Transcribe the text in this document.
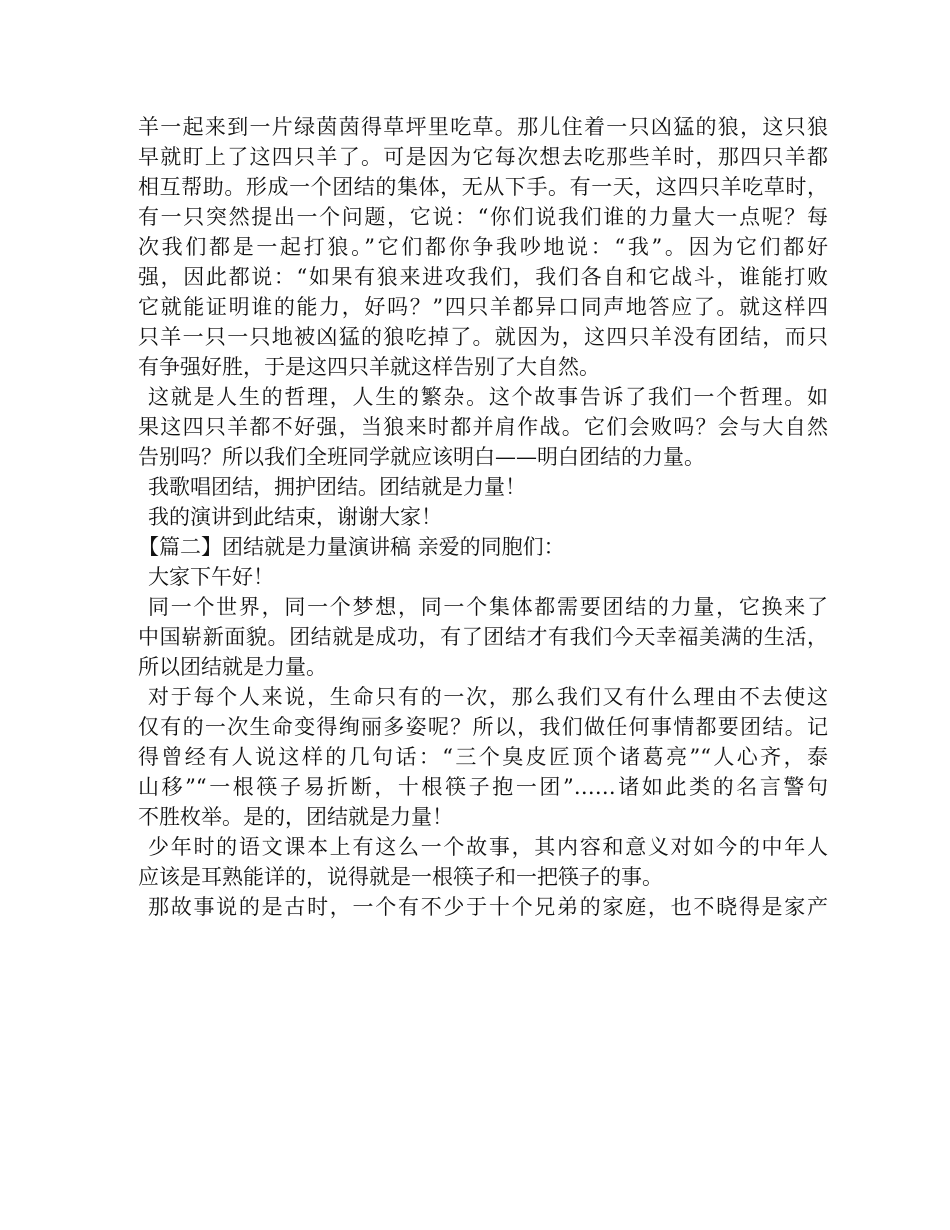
羊一起来到一片绿茵茵得草坪里吃草。那儿住着一只凶猛的狼，这只狼
早就盯上了这四只羊了。可是因为它每次想去吃那些羊时，那四只羊都
相互帮助。形成一个团结的集体，无从下手。有一天，这四只羊吃草时，
有一只突然提出一个问题，它说：“你们说我们谁的力量大一点呢？每
次我们都是一起打狼。”它们都你争我吵地说：“我”。因为它们都好
强，因此都说：“如果有狼来进攻我们，我们各自和它战斗，谁能打败
它就能证明谁的能力，好吗？”四只羊都异口同声地答应了。就这样四
只羊一只一只地被凶猛的狼吃掉了。就因为，这四只羊没有团结，而只
有争强好胜，于是这四只羊就这样告别了大自然。
这就是人生的哲理，人生的繁杂。这个故事告诉了我们一个哲理。如
果这四只羊都不好强，当狼来时都并肩作战。它们会败吗？会与大自然
告别吗？所以我们全班同学就应该明白——明白团结的力量。
我歌唱团结，拥护团结。团结就是力量！
我的演讲到此结束，谢谢大家！
【篇二】团结就是力量演讲稿 亲爱的同胞们：
大家下午好！
同一个世界，同一个梦想，同一个集体都需要团结的力量，它换来了
中国崭新面貌。团结就是成功，有了团结才有我们今天幸福美满的生活，
所以团结就是力量。
对于每个人来说，生命只有的一次，那么我们又有什么理由不去使这
仅有的一次生命变得绚丽多姿呢？所以，我们做任何事情都要团结。记
得曾经有人说这样的几句话：“三个臭皮匠顶个诸葛亮”“人心齐，泰
山移”“一根筷子易折断，十根筷子抱一团”……诸如此类的名言警句
不胜枚举。是的，团结就是力量！
少年时的语文课本上有这么一个故事，其内容和意义对如今的中年人
应该是耳熟能详的，说得就是一根筷子和一把筷子的事。
那故事说的是古时，一个有不少于十个兄弟的家庭，也不晓得是家产
